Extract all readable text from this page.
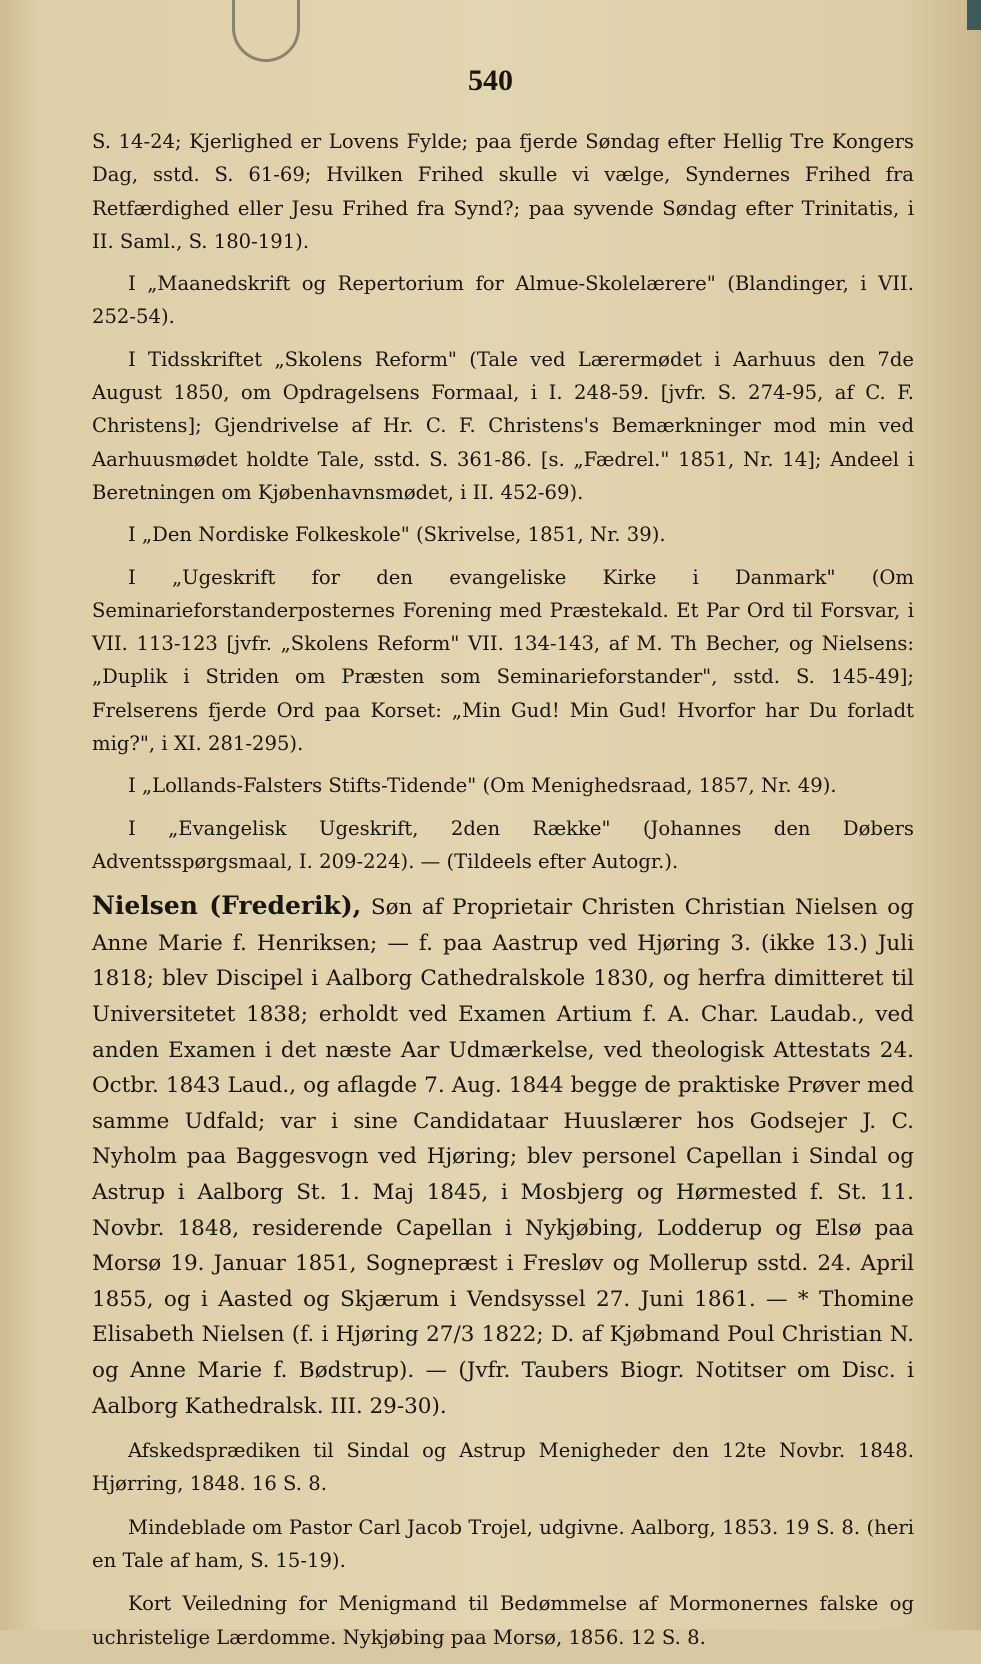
540

S. 14-24; Kjerlighed er Lovens Fylde; paa fjerde Søndag efter Hellig Tre Kongers Dag, sstd. S. 61-69; Hvilken Frihed skulle vi vælge, Syndernes Frihed fra Retfærdighed eller Jesu Frihed fra Synd?; paa syvende Søndag efter Trinitatis, i II. Saml., S. 180-191).

I „Maanedskrift og Repertorium for Almue-Skolelærere" (Blandinger, i VII. 252-54).

I Tidsskriftet „Skolens Reform" (Tale ved Lærermødet i Aarhuus den 7de August 1850, om Opdragelsens Formaal, i I. 248-59. [jvfr. S. 274-95, af C. F. Christens]; Gjendrivelse af Hr. C. F. Christens's Bemærkninger mod min ved Aarhuusmødet holdte Tale, sstd. S. 361-86. [s. „Fædrel." 1851, Nr. 14]; Andeel i Beretningen om Kjøbenhavnsmødet, i II. 452-69).

I „Den Nordiske Folkeskole" (Skrivelse, 1851, Nr. 39).

I „Ugeskrift for den evangeliske Kirke i Danmark" (Om Seminarieforstanderposternes Forening med Præstekald. Et Par Ord til Forsvar, i VII. 113-123 [jvfr. „Skolens Reform" VII. 134-143, af M. Th Becher, og Nielsens: „Duplik i Striden om Præsten som Seminarieforstander", sstd. S. 145-49]; Frelserens fjerde Ord paa Korset: „Min Gud! Min Gud! Hvorfor har Du forladt mig?", i XI. 281-295).

I „Lollands-Falsters Stifts-Tidende" (Om Menighedsraad, 1857, Nr. 49).

I „Evangelisk Ugeskrift, 2den Række" (Johannes den Døbers Adventsspørgsmaal, I. 209-224). — (Tildeels efter Autogr.).

Nielsen (Frederik), Søn af Proprietair Christen Christian Nielsen og Anne Marie f. Henriksen; — f. paa Aastrup ved Hjøring 3. (ikke 13.) Juli 1818; blev Discipel i Aalborg Cathedralskole 1830, og herfra dimitteret til Universitetet 1838; erholdt ved Examen Artium f. A. Char. Laudab., ved anden Examen i det næste Aar Udmærkelse, ved theologisk Attestats 24. Octbr. 1843 Laud., og aflagde 7. Aug. 1844 begge de praktiske Prøver med samme Udfald; var i sine Candidataar Huuslærer hos Godsejer J. C. Nyholm paa Baggesvogn ved Hjøring; blev personel Capellan i Sindal og Astrup i Aalborg St. 1. Maj 1845, i Mosbjerg og Hørmested f. St. 11. Novbr. 1848, residerende Capellan i Nykjøbing, Lodderup og Elsø paa Morsø 19. Januar 1851, Sognepræst i Fresløv og Mollerup sstd. 24. April 1855, og i Aasted og Skjærum i Vendsyssel 27. Juni 1861. — * Thomine Elisabeth Nielsen (f. i Hjøring 27/3 1822; D. af Kjøbmand Poul Christian N. og Anne Marie f. Bødstrup). — (Jvfr. Taubers Biogr. Notitser om Disc. i Aalborg Kathedralsk. III. 29-30).

Afskedsprædiken til Sindal og Astrup Menigheder den 12te Novbr. 1848. Hjørring, 1848. 16 S. 8.

Mindeblade om Pastor Carl Jacob Trojel, udgivne. Aalborg, 1853. 19 S. 8. (heri en Tale af ham, S. 15-19).

Kort Veiledning for Menigmand til Bedømmelse af Mormonernes falske og uchristelige Lærdomme. Nykjøbing paa Morsø, 1856. 12 S. 8.
